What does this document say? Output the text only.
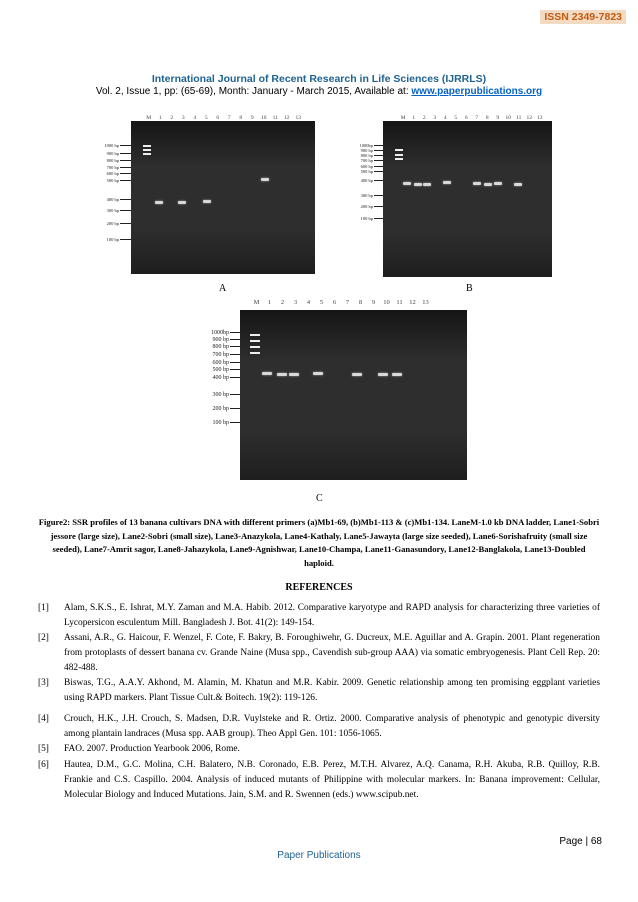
ISSN 2349-7823
International Journal of Recent Research in Life Sciences (IJRRLS)
Vol. 2, Issue 1, pp: (65-69), Month: January - March 2015, Available at: www.paperpublications.org
M 1 2 3 4 5 6 7 8 9 10 11 12 13
1000 bp
900 bp
800 bp
700 bp
600 bp
500 bp
400 bp
300 bp
200 bp
100 bp
A
M 1 2 3 4 5 6 7 8 9 10 11 12 13
1000bp
900 bp
800 bp
700 bp
600 bp
500 bp
400 bp
300 bp
200 bp
100 bp
B
M 1 2 3 4 5 6 7 8 9 10 11 12 13
1000bp
900 bp
800 bp
700 bp
600 bp
500 bp
400 bp
300 bp
200 bp
100 bp
C
Figure2: SSR profiles of 13 banana cultivars DNA with different primers (a)Mb1-69, (b)Mb1-113 & (c)Mb1-134. LaneM-1.0 kb DNA ladder, Lane1-Sobri jessore (large size), Lane2-Sobri (small size), Lane3-Anazykola, Lane4-Kathaly, Lane5-Jawayta (large size seeded), Lane6-Sorishafruity (small size seeded), Lane7-Amrit sagor, Lane8-Jahazykola, Lane9-Agnishwar, Lane10-Champa, Lane11-Ganasundory, Lane12-Banglakola, Lane13-Doubled haploid.
REFERENCES
[1] Alam, S.K.S., E. Ishrat, M.Y. Zaman and M.A. Habib. 2012. Comparative karyotype and RAPD analysis for characterizing three varieties of Lycopersicon esculentum Mill. Bangladesh J. Bot. 41(2): 149-154.
[2] Assani, A.R., G. Haicour, F. Wenzel, F. Cote, F. Bakry, B. Foroughiwehr, G. Ducreux, M.E. Aguillar and A. Grapin. 2001. Plant regeneration from protoplasts of dessert banana cv. Grande Naine (Musa spp., Cavendish sub-group AAA) via somatic embryogenesis. Plant Cell Rep. 20: 482-488.
[3] Biswas, T.G., A.A.Y. Akhond, M. Alamin, M. Khatun and M.R. Kabir. 2009. Genetic relationship among ten promising eggplant varieties using RAPD markers. Plant Tissue Cult.& Boitech. 19(2): 119-126.
[4] Crouch, H.K., J.H. Crouch, S. Madsen, D.R. Vuylsteke and R. Ortiz. 2000. Comparative analysis of phenotypic and genotypic diversity among plantain landraces (Musa spp. AAB group). Theo Appl Gen. 101: 1056-1065.
[5] FAO. 2007. Production Yearbook 2006, Rome.
[6] Hautea, D.M., G.C. Molina, C.H. Balatero, N.B. Coronado, E.B. Perez, M.T.H. Alvarez, A.Q. Canama, R.H. Akuba, R.B. Quilloy, R.B. Frankie and C.S. Caspillo. 2004. Analysis of induced mutants of Philippine with molecular markers. In: Banana improvement: Cellular, Molecular Biology and Induced Mutations. Jain, S.M. and R. Swennen (eds.) www.scipub.net.
Page | 68
Paper Publications
